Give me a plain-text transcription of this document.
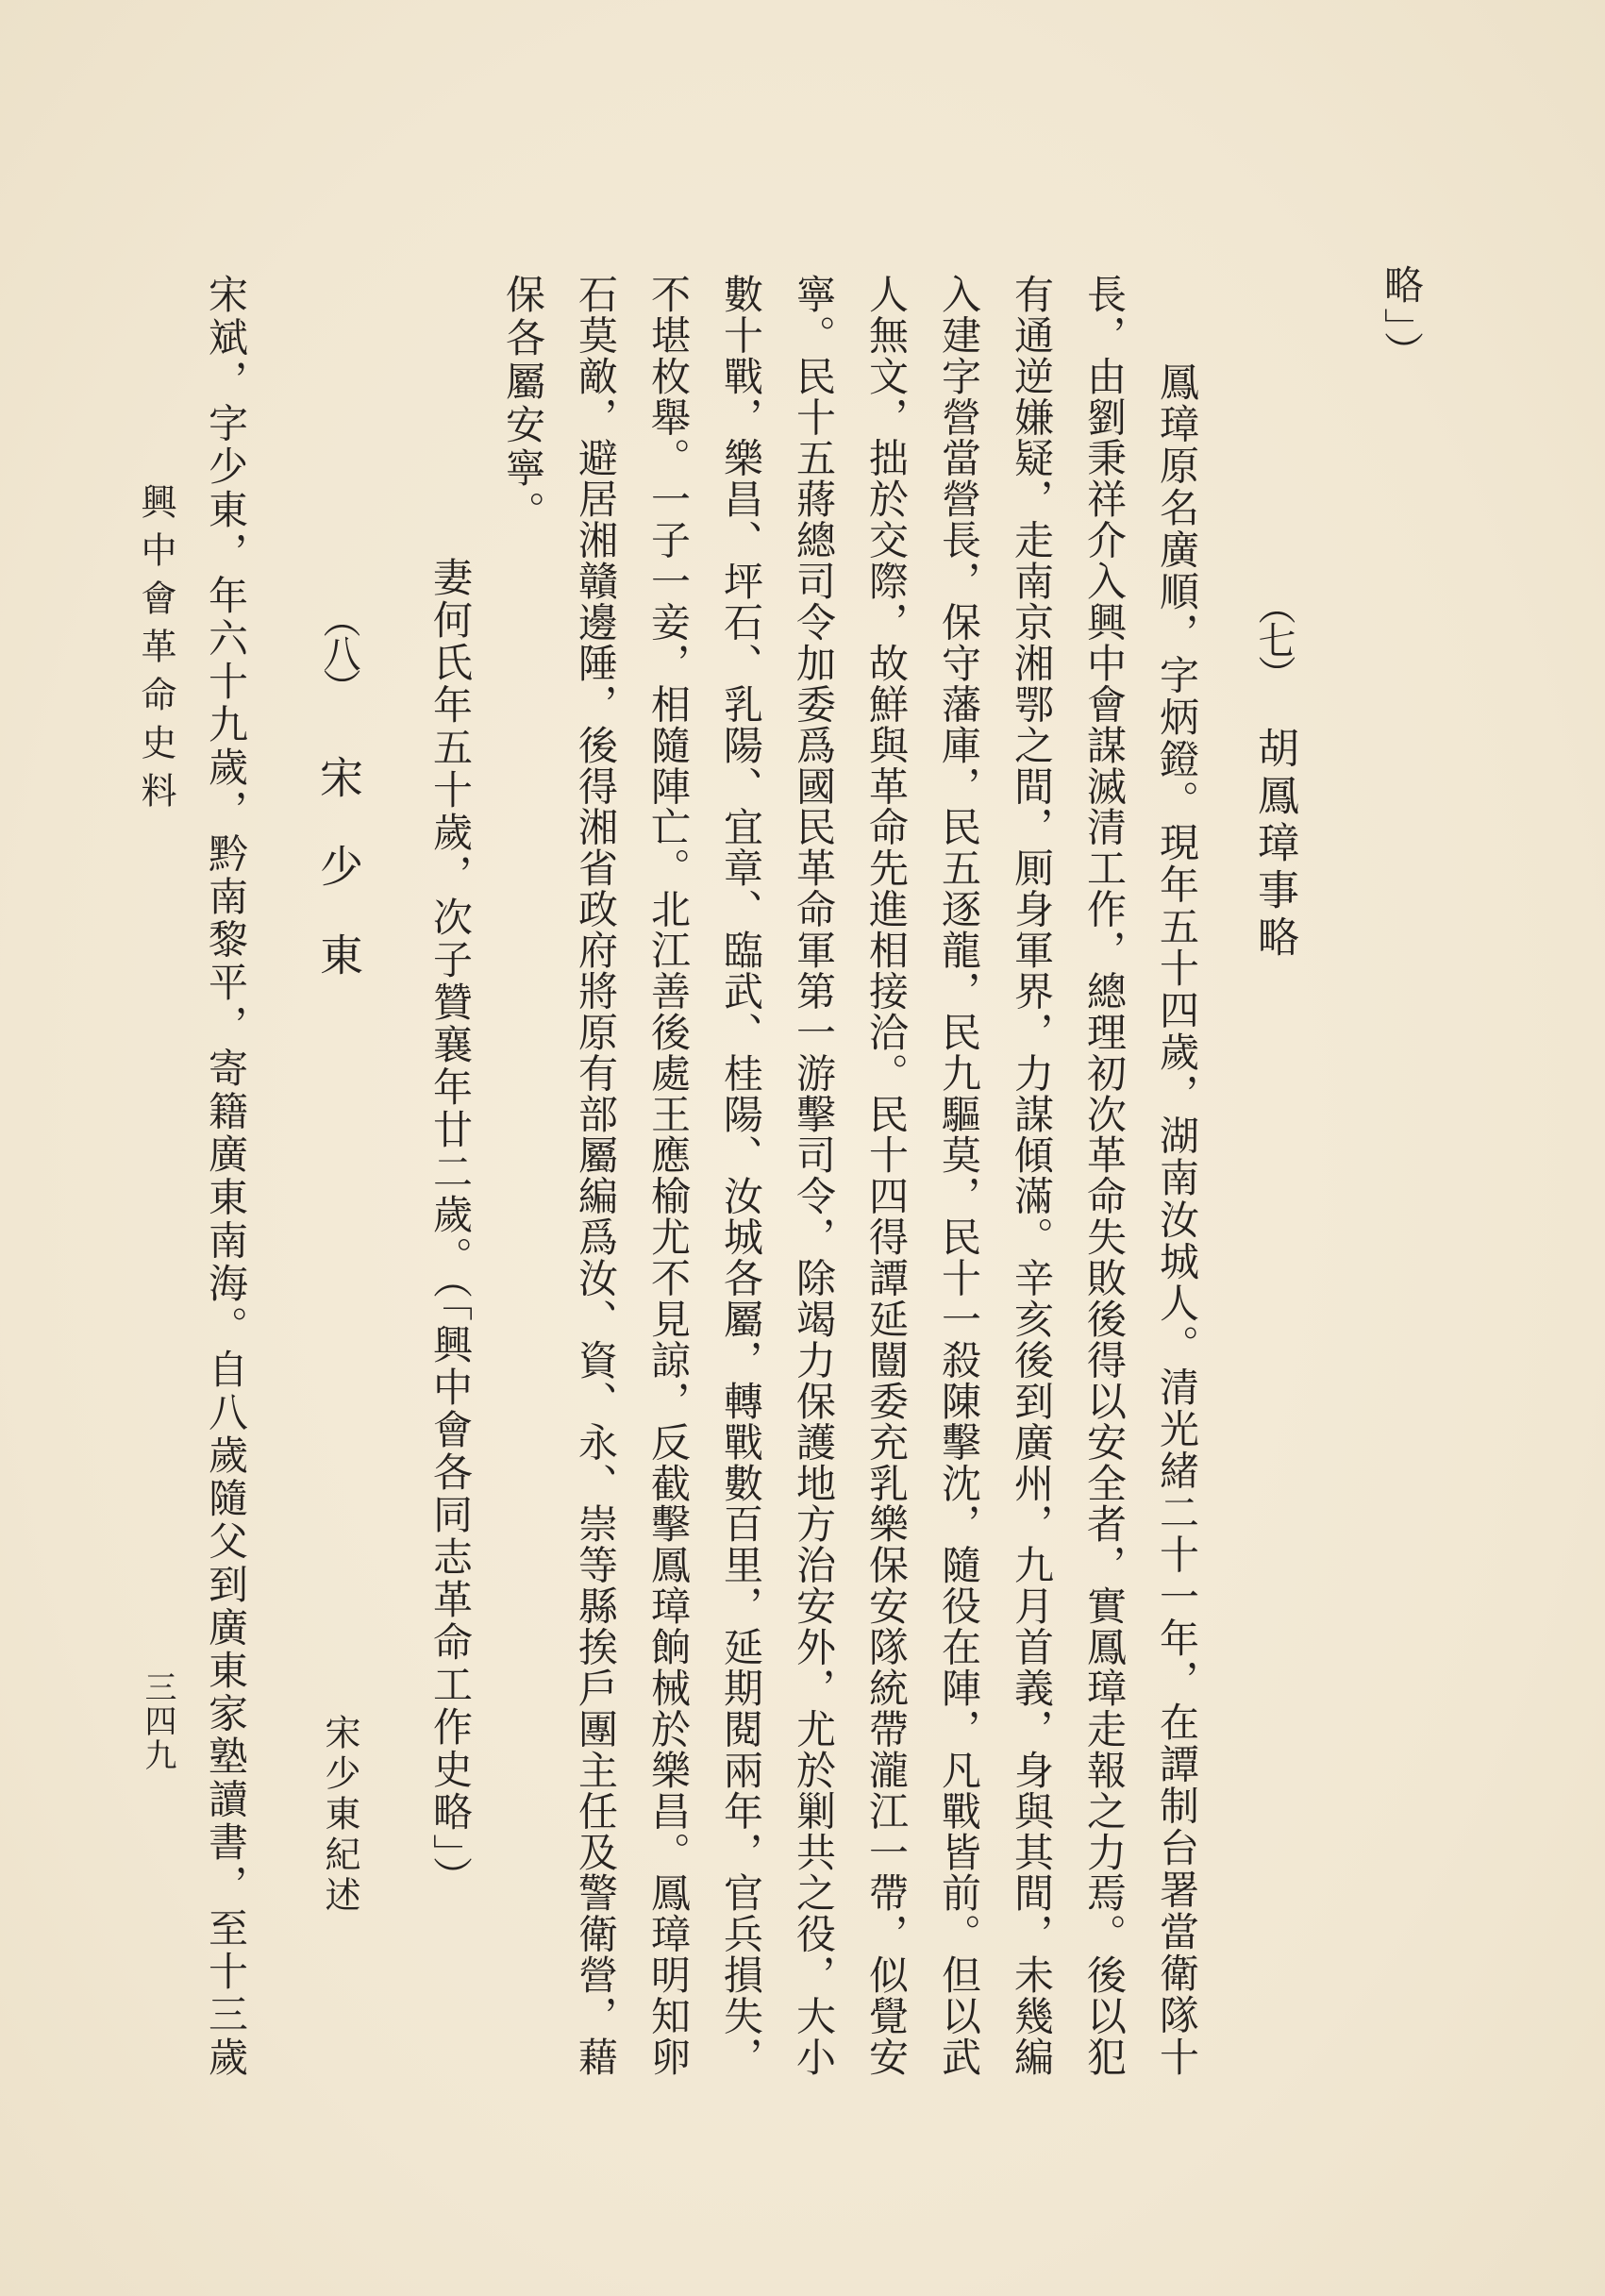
略」）
（七）
胡鳳璋事略
鳳璋原名廣順，字炳鐙。現年五十四歲，湖南汝城人。清光緒二十一年，在譚制台署當衛隊十
長，由劉秉祥介入興中會謀滅清工作，總理初次革命失敗後得以安全者，實鳳璋走報之力焉。後以犯
有通逆嫌疑，走南京湘鄂之間，厠身軍界，力謀傾滿。辛亥後到廣州，九月首義，身與其間，未幾編
入建字營當營長，保守藩庫，民五逐龍，民九驅莫，民十一殺陳擊沈，隨役在陣，凡戰皆前。但以武
人無文，拙於交際，故鮮與革命先進相接洽。民十四得譚延闓委充乳樂保安隊統帶瀧江一帶，似覺安
寧。民十五蔣總司令加委爲國民革命軍第一游擊司令，除竭力保護地方治安外，尤於剿共之役，大小
數十戰，樂昌、坪石、乳陽、宜章、臨武、桂陽、汝城各屬，轉戰數百里，延期閱兩年，官兵損失，
不堪枚舉。一子一妾，相隨陣亡。北江善後處王應榆尤不見諒，反截擊鳳璋餉械於樂昌。鳳璋明知卵
石莫敵，避居湘贛邊陲，後得湘省政府將原有部屬編爲汝、資、永、崇等縣挨戶團主任及警衛營，藉
保各屬安寧。
妻何氏年五十歲，次子贊襄年廿二歲。（「興中會各同志革命工作史略」）
（八）
宋少東
宋少東紀述
宋斌，字少東，年六十九歲，黔南黎平，寄籍廣東南海。自八歲隨父到廣東家塾讀書，至十三歲
興中會革命史料
三四九
